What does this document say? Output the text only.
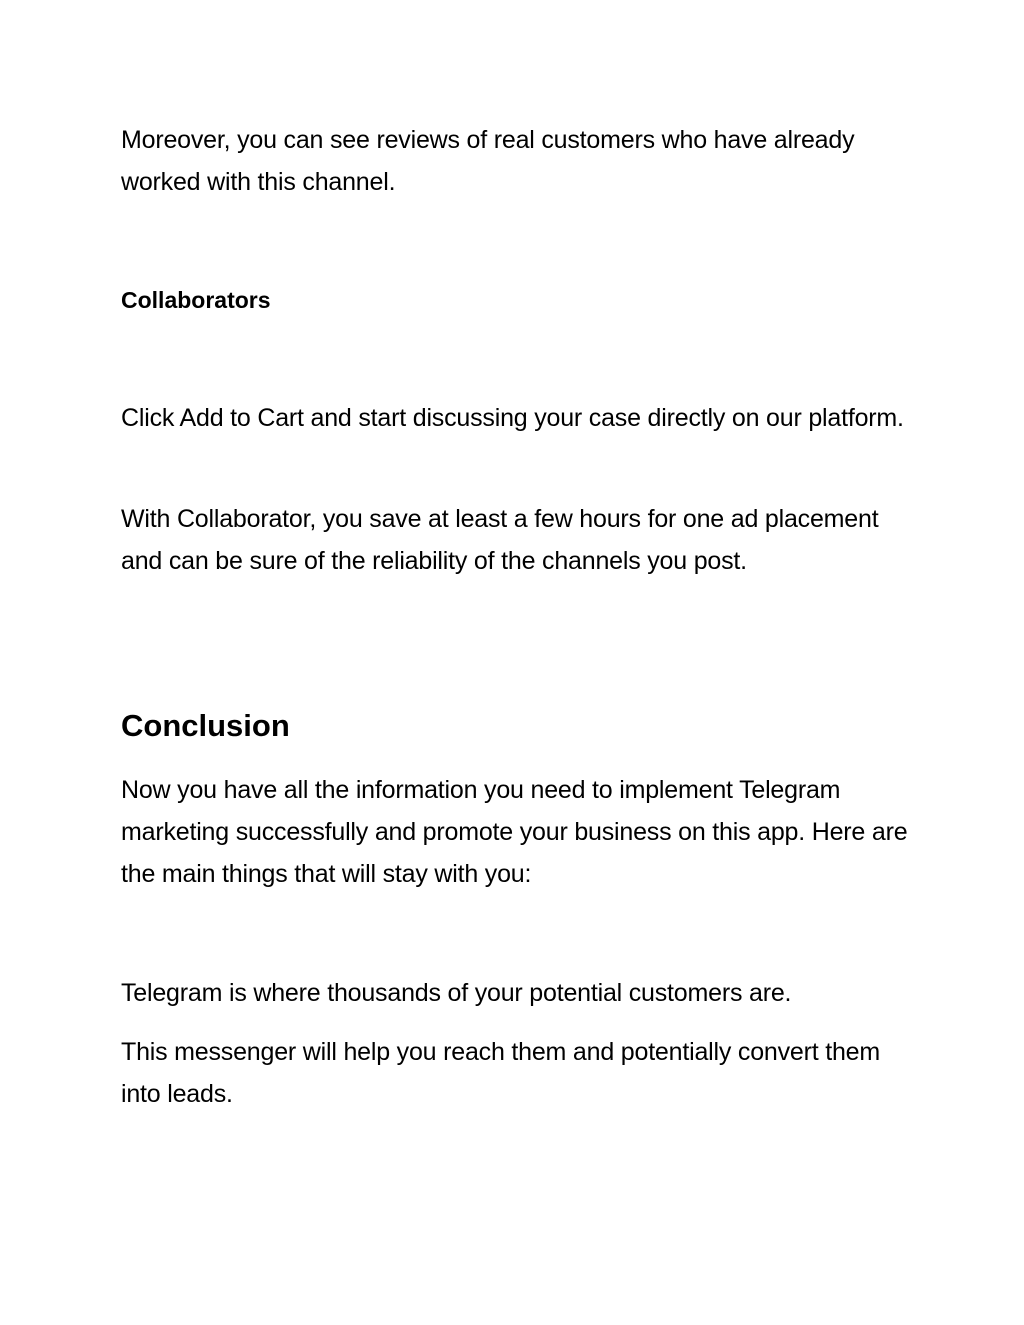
Moreover, you can see reviews of real customers who have already worked with this channel.

Collaborators

Click Add to Cart and start discussing your case directly on our platform.

With Collaborator, you save at least a few hours for one ad placement and can be sure of the reliability of the channels you post.

Conclusion

Now you have all the information you need to implement Telegram marketing successfully and promote your business on this app. Here are the main things that will stay with you:

Telegram is where thousands of your potential customers are.

This messenger will help you reach them and potentially convert them into leads.
